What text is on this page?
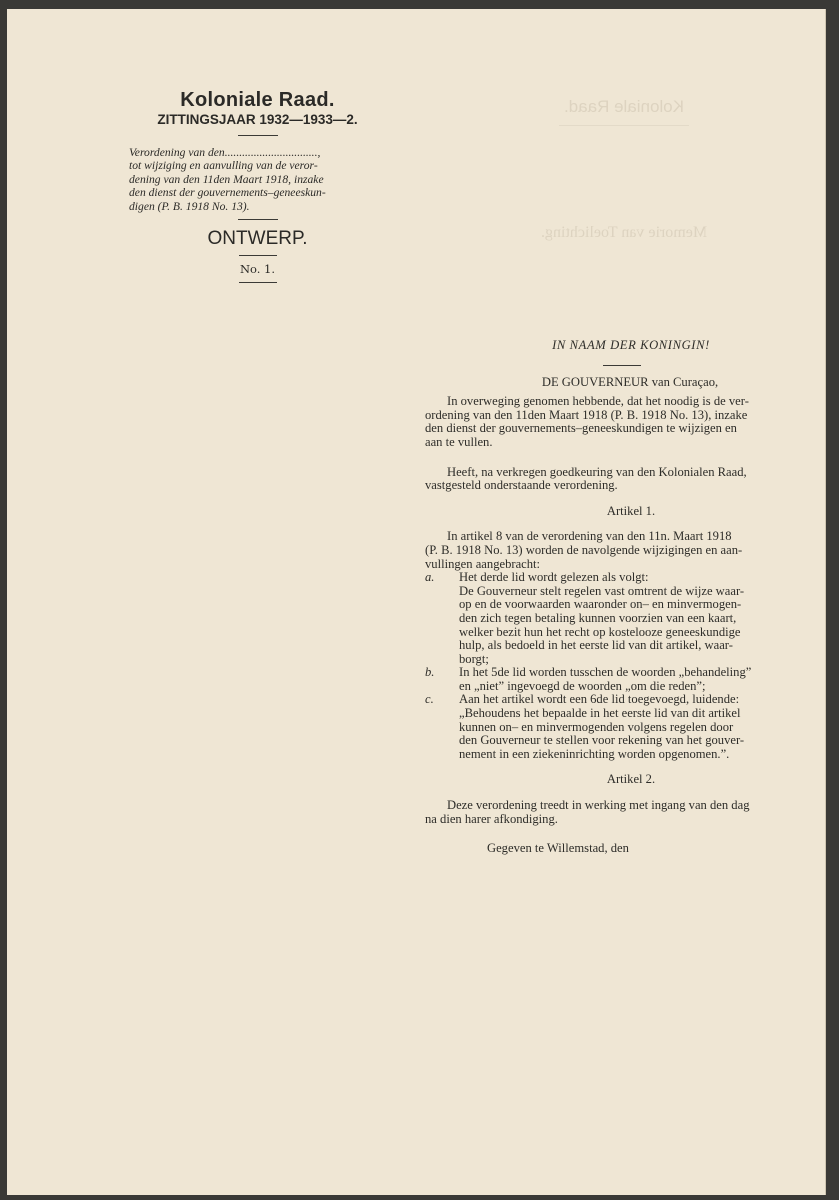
Koloniale Raad.
Memorie van Toelichting.
Koloniale Raad.
ZITTINGSJAAR 1932—1933—2.
Verordening van den................................,
tot wijziging en aanvulling van de veror-
dening van den 11den Maart 1918, inzake
den dienst der gouvernements–geneeskun-
digen (P. B. 1918 No. 13).
ONTWERP.
No. 1.
IN NAAM DER KONINGIN!
DE GOUVERNEUR van Curaçao,
In overweging genomen hebbende, dat het noodig is de ver-
ordening van den 11den Maart 1918 (P. B. 1918 No. 13), inzake
den dienst der gouvernements–geneeskundigen te wijzigen en
aan te vullen.
Heeft, na verkregen goedkeuring van den Kolonialen Raad,
vastgesteld onderstaande verordening.
Artikel 1.
In artikel 8 van de verordening van den 11n. Maart 1918
(P. B. 1918 No. 13) worden de navolgende wijzigingen en aan-
vullingen aangebracht:
a.	Het derde lid wordt gelezen als volgt:
De Gouverneur stelt regelen vast omtrent de wijze waar-
op en de voorwaarden waaronder on– en minvermogen-
den zich tegen betaling kunnen voorzien van een kaart,
welker bezit hun het recht op kostelooze geneeskundige
hulp, als bedoeld in het eerste lid van dit artikel, waar-
borgt;
b.	In het 5de lid worden tusschen de woorden „behandeling”
en „niet” ingevoegd de woorden „om die reden”;
c.	Aan het artikel wordt een 6de lid toegevoegd, luidende:
„Behoudens het bepaalde in het eerste lid van dit artikel
kunnen on– en minvermogenden volgens regelen door
den Gouverneur te stellen voor rekening van het gouver-
nement in een ziekeninrichting worden opgenomen.”.
Artikel 2.
Deze verordening treedt in werking met ingang van den dag
na dien harer afkondiging.
Gegeven te Willemstad, den
